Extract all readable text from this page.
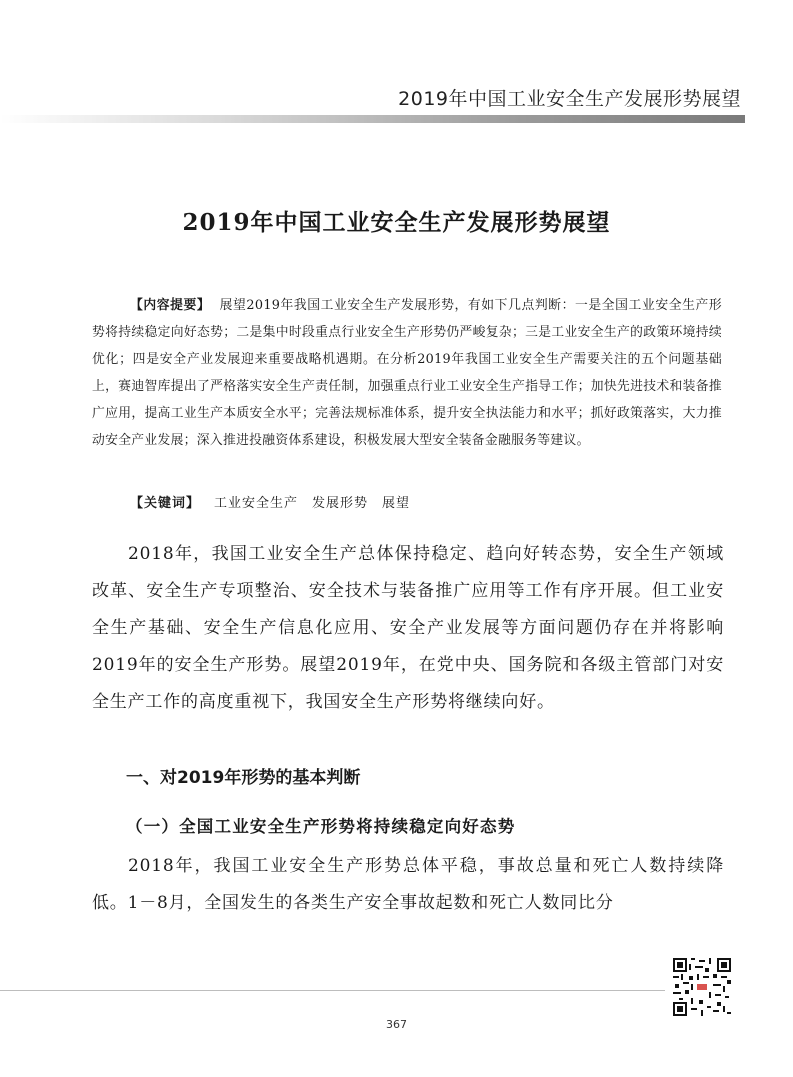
2019年中国工业安全生产发展形势展望
2019年中国工业安全生产发展形势展望
【内容提要】 展望2019年我国工业安全生产发展形势，有如下几点判断：一是全国工业安全生产形势将持续稳定向好态势；二是集中时段重点行业安全生产形势仍严峻复杂；三是工业安全生产的政策环境持续优化；四是安全产业发展迎来重要战略机遇期。在分析2019年我国工业安全生产需要关注的五个问题基础上，赛迪智库提出了严格落实安全生产责任制，加强重点行业工业安全生产指导工作；加快先进技术和装备推广应用，提高工业生产本质安全水平；完善法规标准体系，提升安全执法能力和水平；抓好政策落实，大力推动安全产业发展；深入推进投融资体系建设，积极发展大型安全装备金融服务等建议。
【关键词】 工业安全生产 发展形势 展望
2018年，我国工业安全生产总体保持稳定、趋向好转态势，安全生产领域改革、安全生产专项整治、安全技术与装备推广应用等工作有序开展。但工业安全生产基础、安全生产信息化应用、安全产业发展等方面问题仍存在并将影响2019年的安全生产形势。展望2019年，在党中央、国务院和各级主管部门对安全生产工作的高度重视下，我国安全生产形势将继续向好。
一、对2019年形势的基本判断
（一）全国工业安全生产形势将持续稳定向好态势
2018年，我国工业安全生产形势总体平稳，事故总量和死亡人数持续降低。1－8月，全国发生的各类生产安全事故起数和死亡人数同比分
367
